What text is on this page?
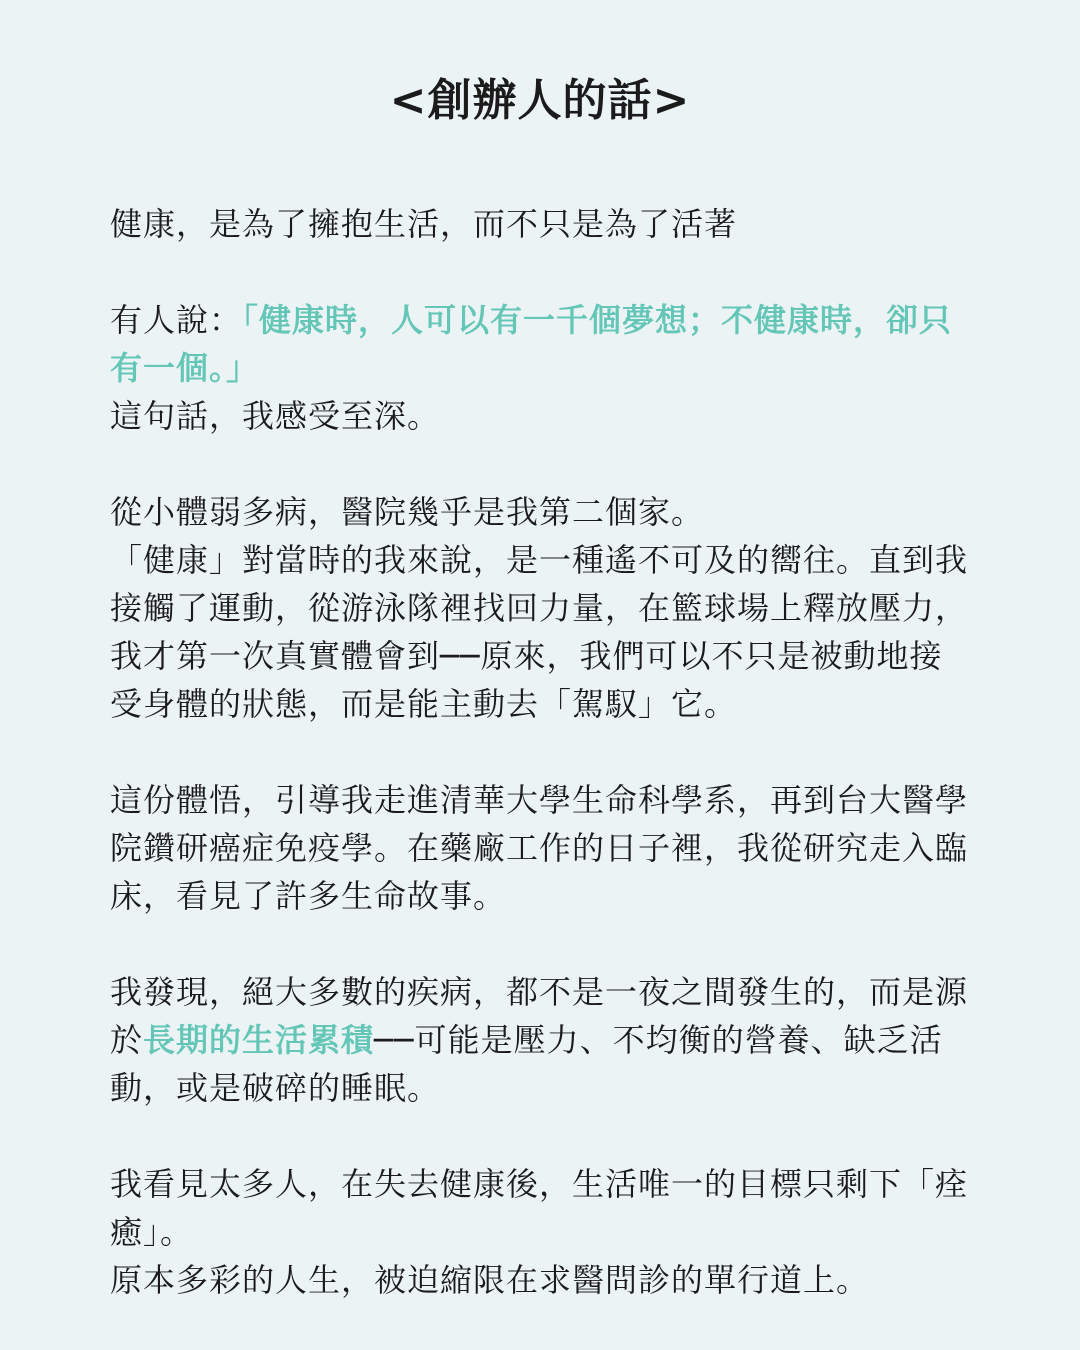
<創辦人的話>

健康，是為了擁抱生活，而不只是為了活著

有人說：「健康時，人可以有一千個夢想；不健康時，卻只有一個。」
這句話，我感受至深。

從小體弱多病，醫院幾乎是我第二個家。
「健康」對當時的我來說，是一種遙不可及的嚮往。直到我接觸了運動，從游泳隊裡找回力量，在籃球場上釋放壓力，我才第一次真實體會到──原來，我們可以不只是被動地接受身體的狀態，而是能主動去「駕馭」它。

這份體悟，引導我走進清華大學生命科學系，再到台大醫學院鑽研癌症免疫學。在藥廠工作的日子裡，我從研究走入臨床，看見了許多生命故事。

我發現，絕大多數的疾病，都不是一夜之間發生的，而是源於長期的生活累積──可能是壓力、不均衡的營養、缺乏活動，或是破碎的睡眠。

我看見太多人，在失去健康後，生活唯一的目標只剩下「痊癒」。
原本多彩的人生，被迫縮限在求醫問診的單行道上。
